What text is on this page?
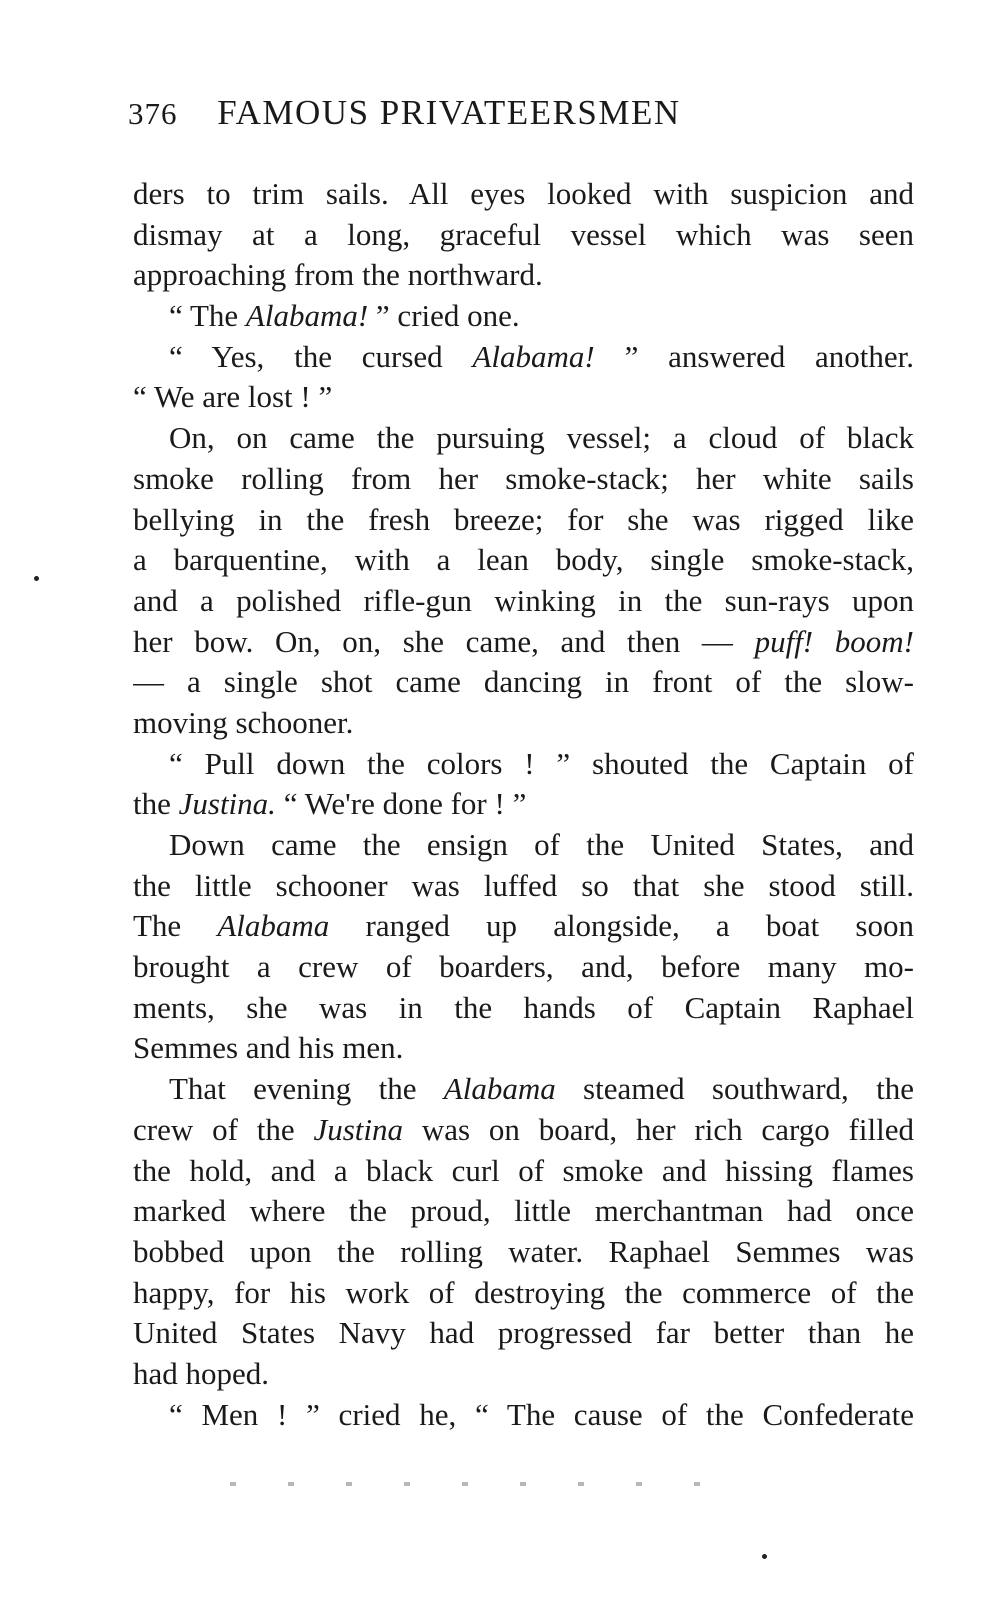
376 FAMOUS PRIVATEERSMEN
ders to trim sails. All eyes looked with suspicion and
dismay at a long, graceful vessel which was seen
approaching from the northward.
“ The Alabama! ” cried one.
“ Yes, the cursed Alabama! ” answered another.
“ We are lost ! ”
On, on came the pursuing vessel; a cloud of black
smoke rolling from her smoke-stack; her white sails
bellying in the fresh breeze; for she was rigged like
a barquentine, with a lean body, single smoke-stack,
and a polished rifle-gun winking in the sun-rays upon
her bow. On, on, she came, and then — puff! boom!
— a single shot came dancing in front of the slow-
moving schooner.
“ Pull down the colors ! ” shouted the Captain of
the Justina. “ We're done for ! ”
Down came the ensign of the United States, and
the little schooner was luffed so that she stood still.
The Alabama ranged up alongside, a boat soon
brought a crew of boarders, and, before many mo-
ments, she was in the hands of Captain Raphael
Semmes and his men.
That evening the Alabama steamed southward, the
crew of the Justina was on board, her rich cargo filled
the hold, and a black curl of smoke and hissing flames
marked where the proud, little merchantman had once
bobbed upon the rolling water. Raphael Semmes was
happy, for his work of destroying the commerce of the
United States Navy had progressed far better than he
had hoped.
“ Men ! ” cried he, “ The cause of the Confederate
